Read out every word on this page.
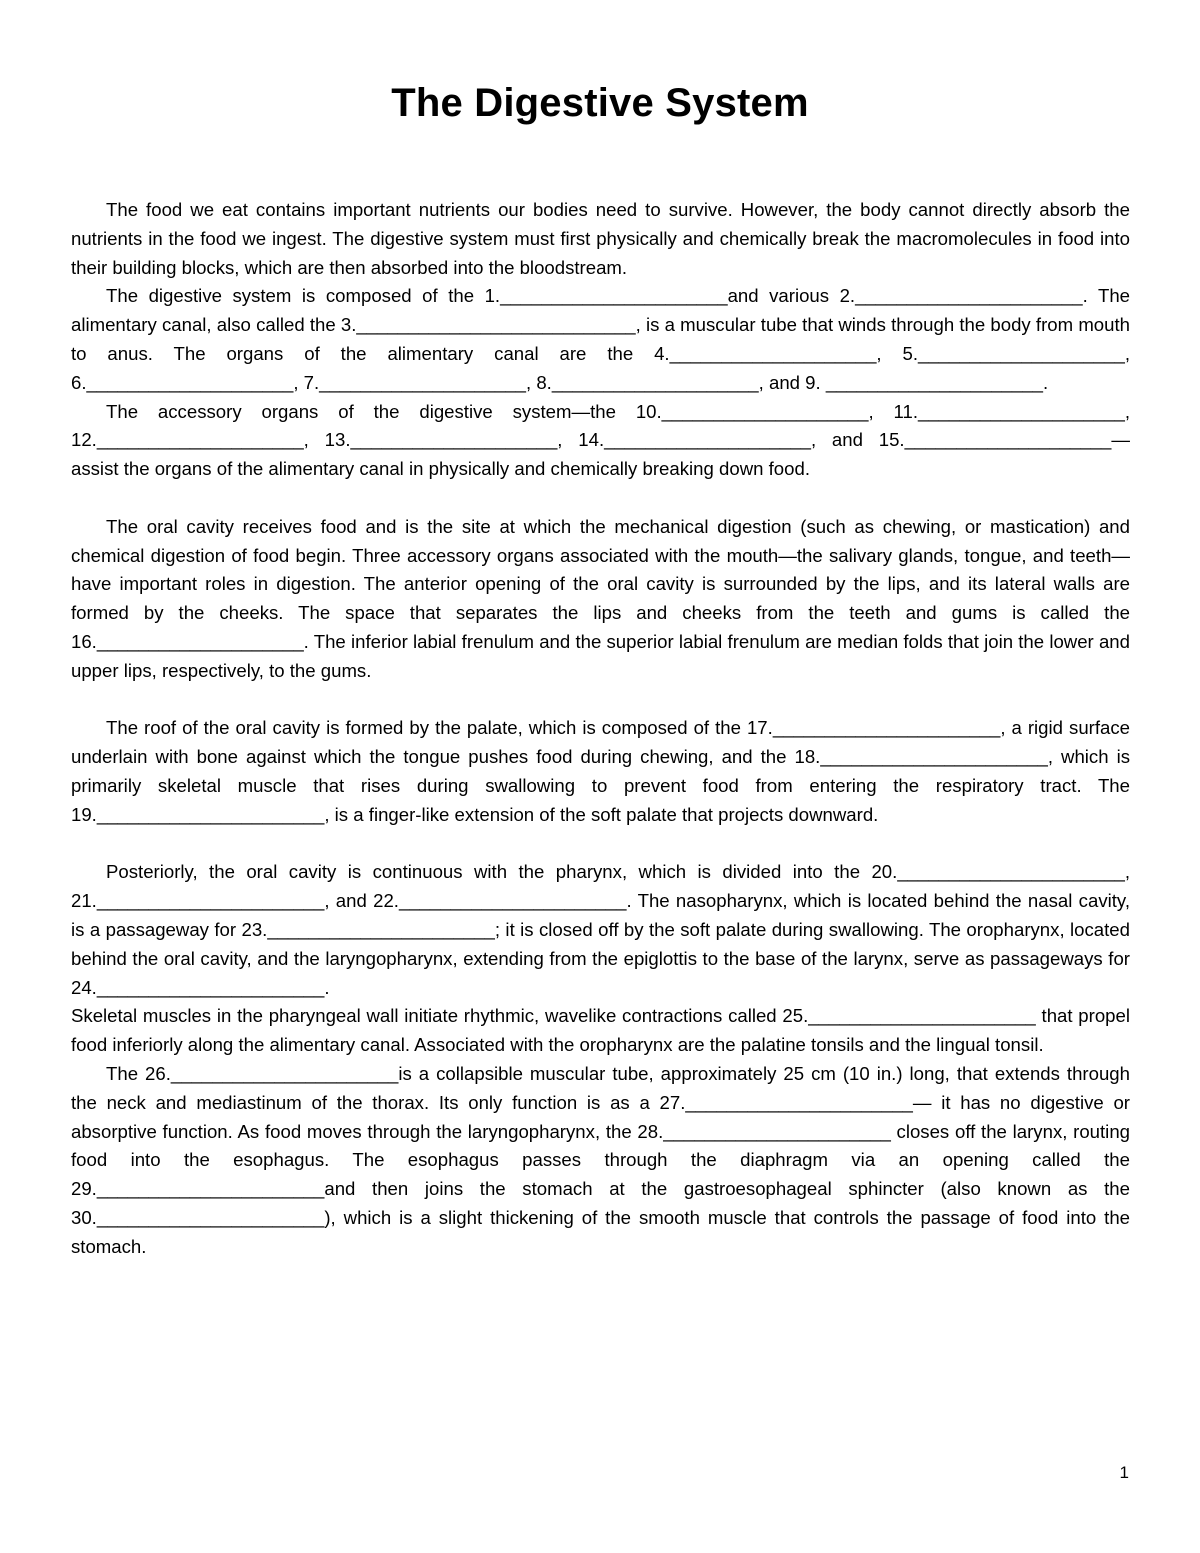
The Digestive System

The food we eat contains important nutrients our bodies need to survive. However, the body cannot directly absorb the nutrients in the food we ingest. The digestive system must first physically and chemically break the macromolecules in food into their building blocks, which are then absorbed into the bloodstream.

The digestive system is composed of the 1.______________________and various 2.______________________. The alimentary canal, also called the 3.___________________________, is a muscular tube that winds through the body from mouth to anus. The organs of the alimentary canal are the 4.____________________, 5.____________________, 6.____________________, 7.____________________, 8.____________________, and 9. _____________________.

The accessory organs of the digestive system—the 10.____________________, 11.____________________, 12.____________________, 13.____________________, 14.____________________, and 15.____________________—assist the organs of the alimentary canal in physically and chemically breaking down food.

The oral cavity receives food and is the site at which the mechanical digestion (such as chewing, or mastication) and chemical digestion of food begin. Three accessory organs associated with the mouth—the salivary glands, tongue, and teeth—have important roles in digestion. The anterior opening of the oral cavity is surrounded by the lips, and its lateral walls are formed by the cheeks. The space that separates the lips and cheeks from the teeth and gums is called the 16.____________________. The inferior labial frenulum and the superior labial frenulum are median folds that join the lower and upper lips, respectively, to the gums.

The roof of the oral cavity is formed by the palate, which is composed of the 17.______________________, a rigid surface underlain with bone against which the tongue pushes food during chewing, and the 18.______________________, which is primarily skeletal muscle that rises during swallowing to prevent food from entering the respiratory tract. The 19.______________________, is a finger-like extension of the soft palate that projects downward.

Posteriorly, the oral cavity is continuous with the pharynx, which is divided into the 20.______________________, 21.______________________, and 22.______________________. The nasopharynx, which is located behind the nasal cavity, is a passageway for 23.______________________; it is closed off by the soft palate during swallowing. The oropharynx, located behind the oral cavity, and the laryngopharynx, extending from the epiglottis to the base of the larynx, serve as passageways for 24.______________________.

Skeletal muscles in the pharyngeal wall initiate rhythmic, wavelike contractions called 25.______________________ that propel food inferiorly along the alimentary canal. Associated with the oropharynx are the palatine tonsils and the lingual tonsil.

The 26.______________________is a collapsible muscular tube, approximately 25 cm (10 in.) long, that extends through the neck and mediastinum of the thorax. Its only function is as a 27.______________________— it has no digestive or absorptive function. As food moves through the laryngopharynx, the 28.______________________ closes off the larynx, routing food into the esophagus. The esophagus passes through the diaphragm via an opening called the 29.______________________and then joins the stomach at the gastroesophageal sphincter (also known as the 30.______________________), which is a slight thickening of the smooth muscle that controls the passage of food into the stomach.

1
